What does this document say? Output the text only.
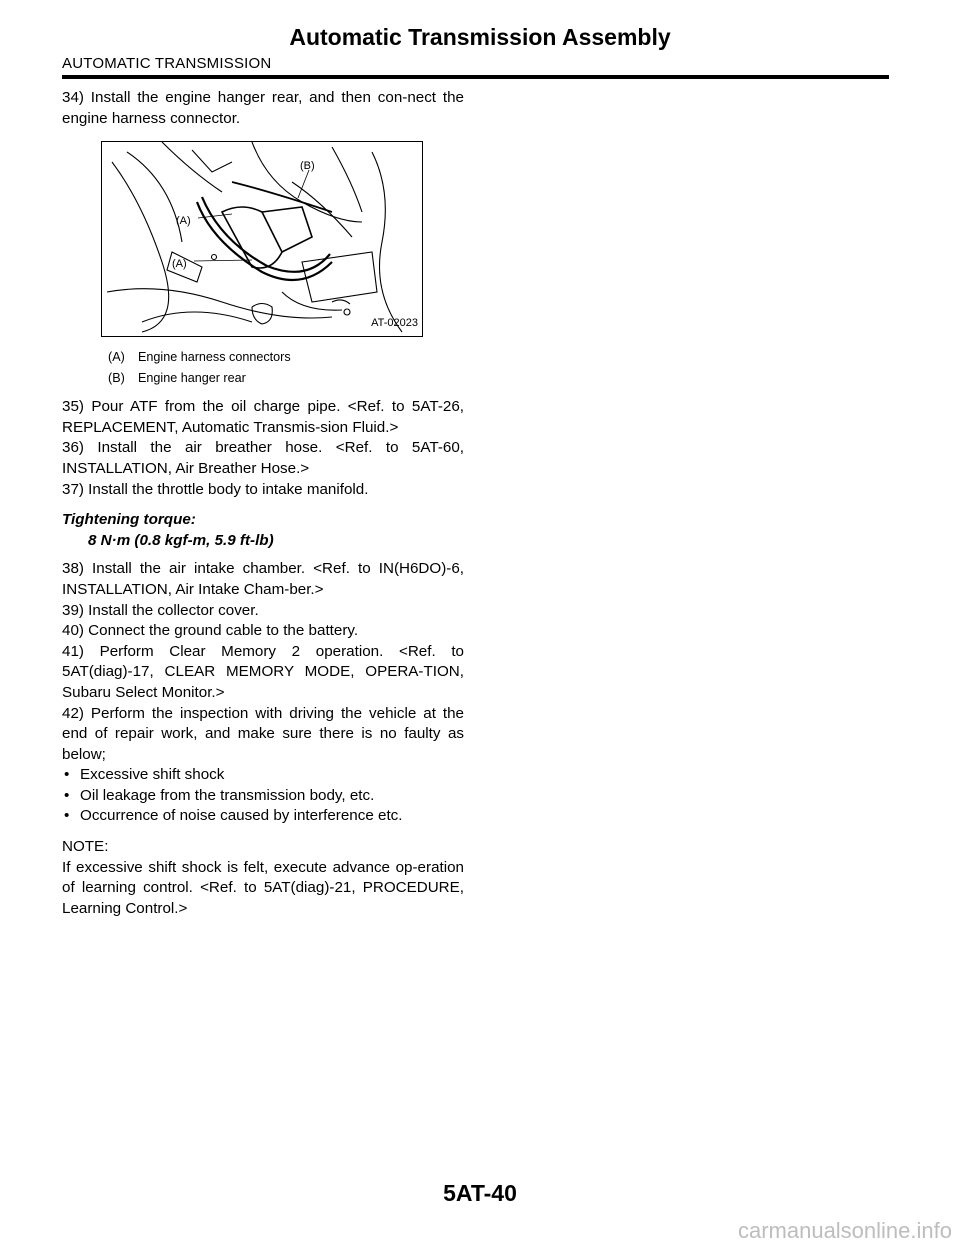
Automatic Transmission Assembly
AUTOMATIC TRANSMISSION

34) Install the engine hanger rear, and then con-nect the engine harness connector.

(A)
(A)
(B)
AT-02023
(A) Engine harness connectors
(B) Engine hanger rear

35) Pour ATF from the oil charge pipe. <Ref. to 5AT-26, REPLACEMENT, Automatic Transmis-sion Fluid.>

36) Install the air breather hose. <Ref. to 5AT-60, INSTALLATION, Air Breather Hose.>

37) Install the throttle body to intake manifold.

Tightening torque:
8 N·m (0.8 kgf-m, 5.9 ft-lb)

38) Install the air intake chamber. <Ref. to IN(H6DO)-6, INSTALLATION, Air Intake Cham-ber.>

39) Install the collector cover.

40) Connect the ground cable to the battery.

41) Perform Clear Memory 2 operation. <Ref. to 5AT(diag)-17, CLEAR MEMORY MODE, OPERA-TION, Subaru Select Monitor.>

42) Perform the inspection with driving the vehicle at the end of repair work, and make sure there is no faulty as below;

• Excessive shift shock
• Oil leakage from the transmission body, etc.
• Occurrence of noise caused by interference etc.
NOTE:

If excessive shift shock is felt, execute advance op-eration of learning control. <Ref. to 5AT(diag)-21, PROCEDURE, Learning Control.>

5AT-40
carmanualsonline.info
